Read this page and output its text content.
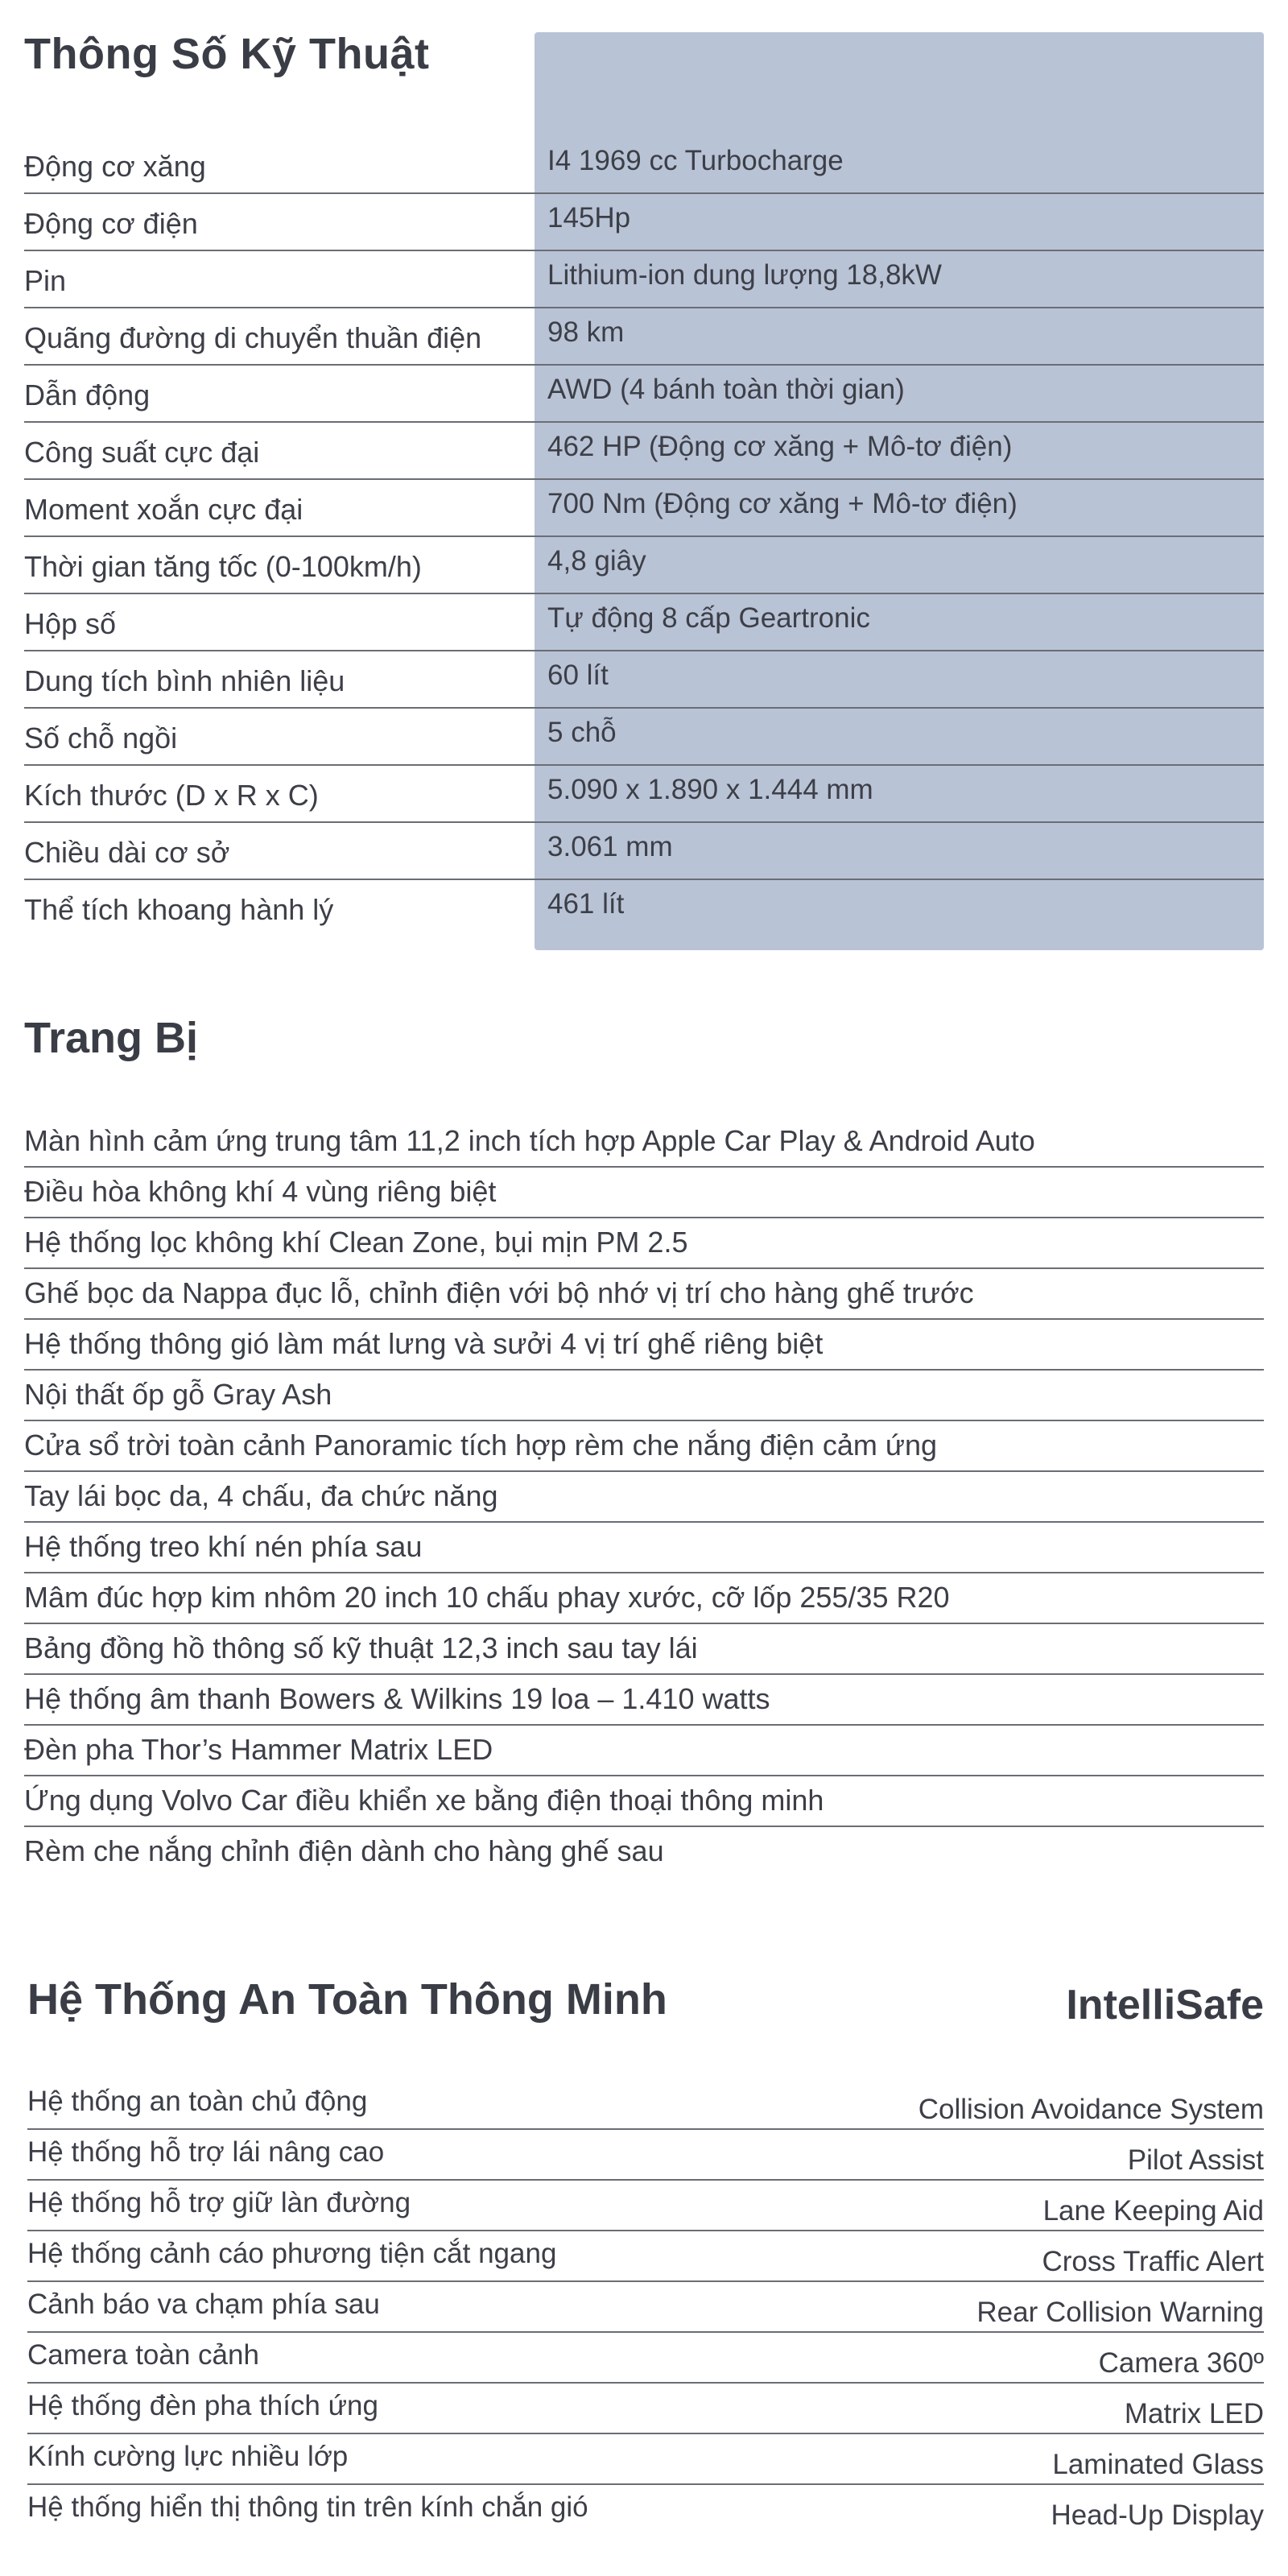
Thông Số Kỹ Thuật
Động cơ xăng	I4 1969 cc Turbocharge
Động cơ điện	145Hp
Pin	Lithium-ion dung lượng 18,8kW
Quãng đường di chuyển thuần điện 98 km
Dẫn động	AWD (4 bánh toàn thời gian)
Công suất cực đại	462 HP (Động cơ xăng + Mô-tơ điện)
Moment xoắn cực đại	700 Nm (Động cơ xăng + Mô-tơ điện)
Thời gian tăng tốc (0-100km/h)	4,8 giây
Hộp số	Tự động 8 cấp Geartronic
Dung tích bình nhiên liệu	60 lít
Số chỗ ngồi	5 chỗ
Kích thước (D x R x C)	5.090 x 1.890 x 1.444 mm
Chiều dài cơ sở	3.061 mm
Thể tích khoang hành lý	461 lít
Trang Bị
Màn hình cảm ứng trung tâm 11,2 inch tích hợp Apple Car Play & Android Auto
Điều hòa không khí 4 vùng riêng biệt
Hệ thống lọc không khí Clean Zone, bụi mịn PM 2.5
Ghế bọc da Nappa đục lỗ, chỉnh điện với bộ nhớ vị trí cho hàng ghế trước
Hệ thống thông gió làm mát lưng và sưởi 4 vị trí ghế riêng biệt
Nội thất ốp gỗ Gray Ash
Cửa sổ trời toàn cảnh Panoramic tích hợp rèm che nắng điện cảm ứng
Tay lái bọc da, 4 chấu, đa chức năng
Hệ thống treo khí nén phía sau
Mâm đúc hợp kim nhôm 20 inch 10 chấu phay xước, cỡ lốp 255/35 R20
Bảng đồng hồ thông số kỹ thuật 12,3 inch sau tay lái
Hệ thống âm thanh Bowers & Wilkins 19 loa – 1.410 watts
Đèn pha Thor’s Hammer Matrix LED
Ứng dụng Volvo Car điều khiển xe bằng điện thoại thông minh
Rèm che nắng chỉnh điện dành cho hàng ghế sau
Hệ Thống An Toàn Thông Minh	IntelliSafe
Hệ thống an toàn chủ động	Collision Avoidance System
Hệ thống hỗ trợ lái nâng cao	Pilot Assist
Hệ thống hỗ trợ giữ làn đường	Lane Keeping Aid
Hệ thống cảnh cáo phương tiện cắt ngang	Cross Traffic Alert
Cảnh báo va chạm phía sau	Rear Collision Warning
Camera toàn cảnh	Camera 360º
Hệ thống đèn pha thích ứng	Matrix LED
Kính cường lực nhiều lớp	Laminated Glass
Hệ thống hiển thị thông tin trên kính chắn gió	Head-Up Display
